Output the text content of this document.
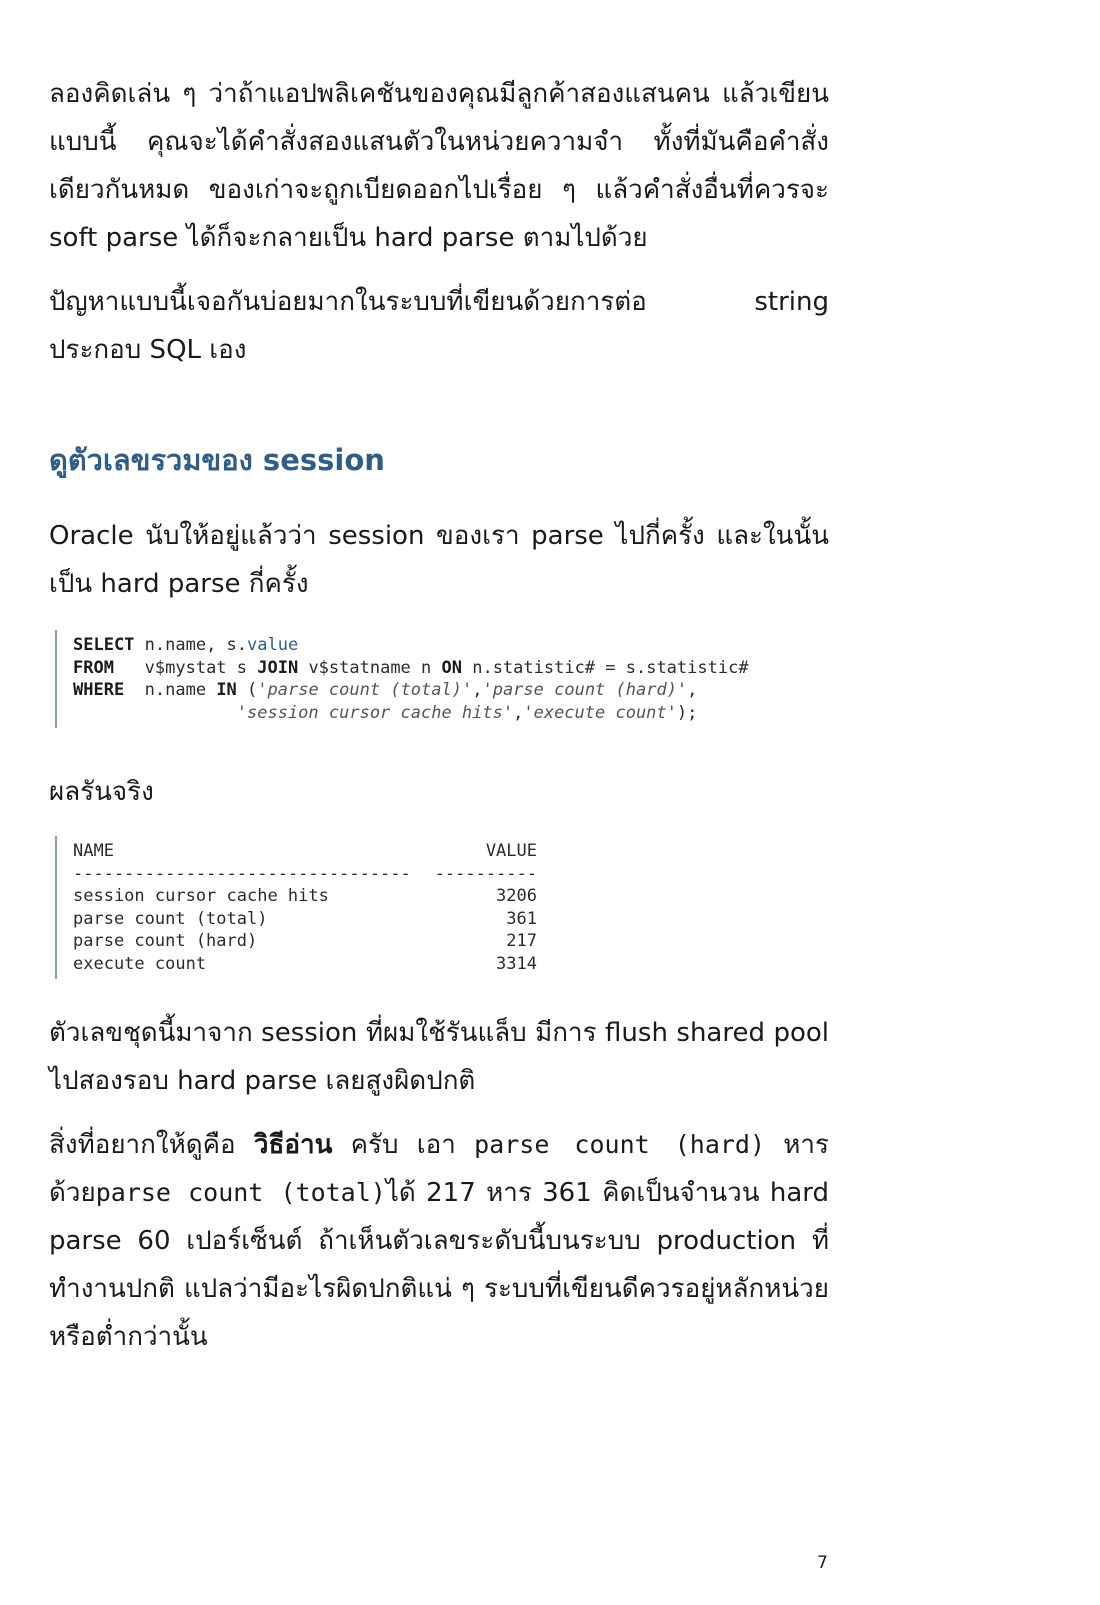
ลองคิดเล่น ๆ ว่าถ้าแอปพลิเคชันของคุณมีลูกค้าสองแสนคน แล้วเขียนแบบนี้ คุณจะได้คำสั่งสองแสนตัวในหน่วยความจำ ทั้งที่มันคือคำสั่งเดียวกันหมด ของเก่าจะถูกเบียดออกไปเรื่อย ๆ แล้วคำสั่งอื่นที่ควรจะ soft parse ได้ก็จะกลายเป็น hard parse ตามไปด้วย

ปัญหาแบบนี้เจอกันบ่อยมากในระบบที่เขียนด้วยการต่อ string ประกอบ SQL เอง

ดูตัวเลขรวมของ session

Oracle นับให้อยู่แล้วว่า session ของเรา parse ไปกี่ครั้ง และในนั้นเป็น hard parse กี่ครั้ง

SELECT n.name, s.value
FROM   v$mystat s JOIN v$statname n ON n.statistic# = s.statistic#
WHERE  n.name IN ('parse count (total)','parse count (hard)',
'session cursor cache hits','execute count');

ผลรันจริง

NAME	VALUE
---------------------------------	----------
session cursor cache hits	3206
parse count (total)	361
parse count (hard)	217
execute count	3314

ตัวเลขชุดนี้มาจาก session ที่ผมใช้รันแล็บ มีการ flush shared pool ไปสองรอบ hard parse เลยสูงผิดปกติ

สิ่งที่อยากให้ดูคือ วิธีอ่าน ครับ เอา parse count (hard) หารด้วยparse count (total)ได้ 217 หาร 361 คิดเป็นจำนวน hard parse 60 เปอร์เซ็นต์ ถ้าเห็นตัวเลขระดับนี้บนระบบ production ที่ทำงานปกติ แปลว่ามีอะไรผิดปกติแน่ ๆ ระบบที่เขียนดีควรอยู่หลักหน่วยหรือต่ำกว่านั้น

7
